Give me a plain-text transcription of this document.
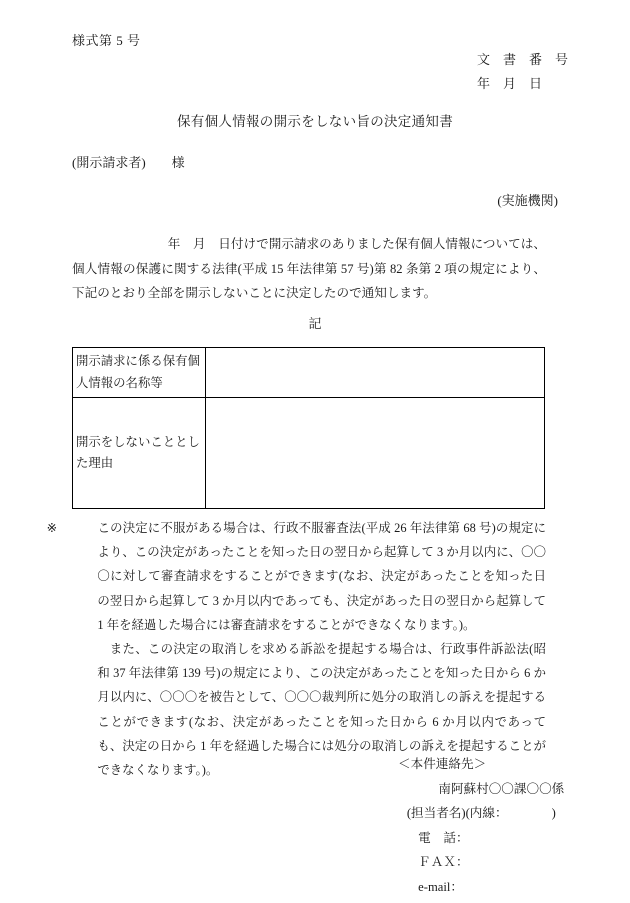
様式第 5 号
文　書　番　号
年　月　日
保有個人情報の開示をしない旨の決定通知書
(開示請求者)　　様
(実施機関)
年　月　日付けで開示請求のありました保有個人情報については、個人情報の保護に関する法律(平成 15 年法律第 57 号)第 82 条第 2 項の規定により、下記のとおり全部を開示しないことに決定したので通知します。
記
開示請求に係る保有個人情報の名称等	
開示をしないこととした理由	
※	この決定に不服がある場合は、行政不服審査法(平成 26 年法律第 68 号)の規定により、この決定があったことを知った日の翌日から起算して 3 か月以内に、〇〇〇に対して審査請求をすることができます(なお、決定があったことを知った日の翌日から起算して 3 か月以内であっても、決定があった日の翌日から起算して 1 年を経過した場合には審査請求をすることができなくなります。)。
また、この決定の取消しを求める訴訟を提起する場合は、行政事件訴訟法(昭和 37 年法律第 139 号)の規定により、この決定があったことを知った日から 6 か月以内に、〇〇〇を被告として、〇〇〇裁判所に処分の取消しの訴えを提起することができます(なお、決定があったことを知った日から 6 か月以内であっても、決定の日から 1 年を経過した場合には処分の取消しの訴えを提起することができなくなります。)。	＜本件連絡先＞
南阿蘇村〇〇課〇〇係
(担当者名)(内線：　　　　)
電　話：
ＦＡＸ：
e-mail：
